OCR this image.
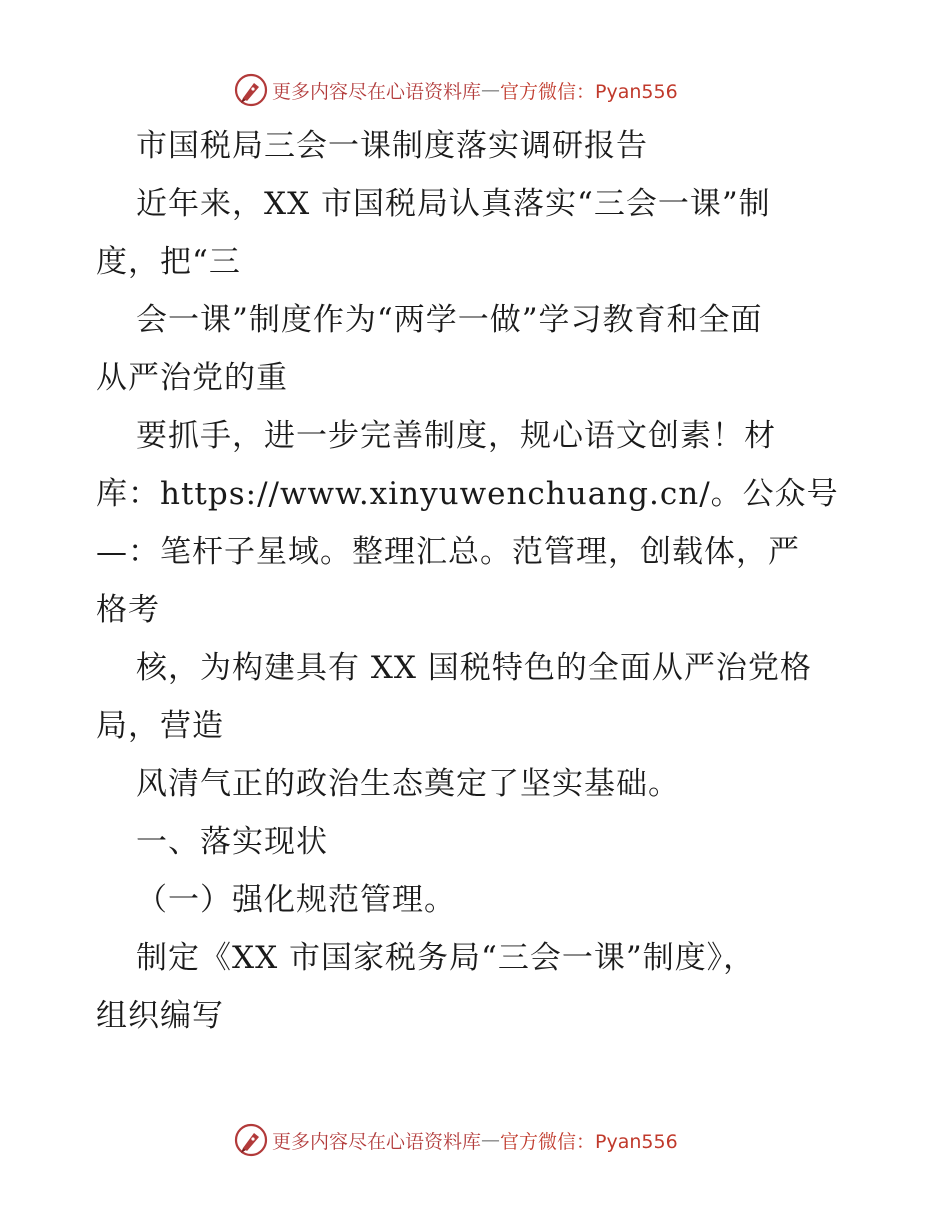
更多内容尽在心语资料库 — 官方微信：Pyan556
市国税局三会一课制度落实调研报告
近年来，XX 市国税局认真落实“三会一课”制
度，把“三
会一课”制度作为“两学一做”学习教育和全面
从严治党的重
要抓手，进一步完善制度，规心语文创素！材
库：https://www.xinyuwenchuang.cn/。公众号
—：笔杆子星域。整理汇总。范管理，创载体，严
格考
核，为构建具有 XX 国税特色的全面从严治党格
局，营造
风清气正的政治生态奠定了坚实基础。
一、落实现状
（一）强化规范管理。
制定《XX 市国家税务局“三会一课”制度》，
组织编写
更多内容尽在心语资料库 — 官方微信：Pyan556
